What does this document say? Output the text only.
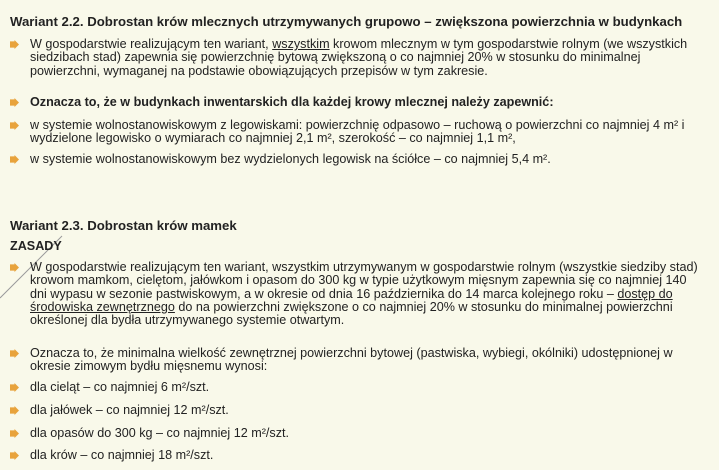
Wariant 2.2. Dobrostan krów mlecznych utrzymywanych grupowo – zwiększona powierzchnia w budynkach
W gospodarstwie realizującym ten wariant, wszystkim krowom mlecznym w tym gospodarstwie rolnym (we wszystkich siedzibach stad) zapewnia się powierzchnię bytową zwiększoną o co najmniej 20% w stosunku do minimalnej powierzchni, wymaganej na podstawie obowiązujących przepisów w tym zakresie.
Oznacza to, że w budynkach inwentarskich dla każdej krowy mlecznej należy zapewnić:
w systemie wolnostanowiskowym z legowiskami: powierzchnię odpasowo – ruchową o powierzchni co najmniej 4 m² i wydzielone legowisko o wymiarach co najmniej 2,1 m², szerokość – co najmniej 1,1 m²,
w systemie wolnostanowiskowym bez wydzielonych legowisk na ściółce – co najmniej 5,4 m².
Wariant 2.3. Dobrostan krów mamek
ZASADY
W gospodarstwie realizującym ten wariant, wszystkim utrzymywanym w gospodarstwie rolnym (wszystkie siedziby stad) krowom mamkom, cielętom, jałówkom i opasom do 300 kg w typie użytkowym mięsnym zapewnia się co najmniej 140 dni wypasu w sezonie pastwiskowym, a w okresie od dnia 16 października do 14 marca kolejnego roku – dostęp do środowiska zewnętrznego do na powierzchni zwiększone o co najmniej 20% w stosunku do minimalnej powierzchni określonej dla bydła utrzymywanego systemie otwartym.
Oznacza to, że minimalna wielkość zewnętrznej powierzchni bytowej (pastwiska, wybiegi, okólniki) udostępnionej w okresie zimowym bydłu mięsnemu wynosi:
dla cieląt – co najmniej 6 m²/szt.
dla jałówek – co najmniej 12 m²/szt.
dla opasów do 300 kg – co najmniej 12 m²/szt.
dla krów – co najmniej 18 m²/szt.
